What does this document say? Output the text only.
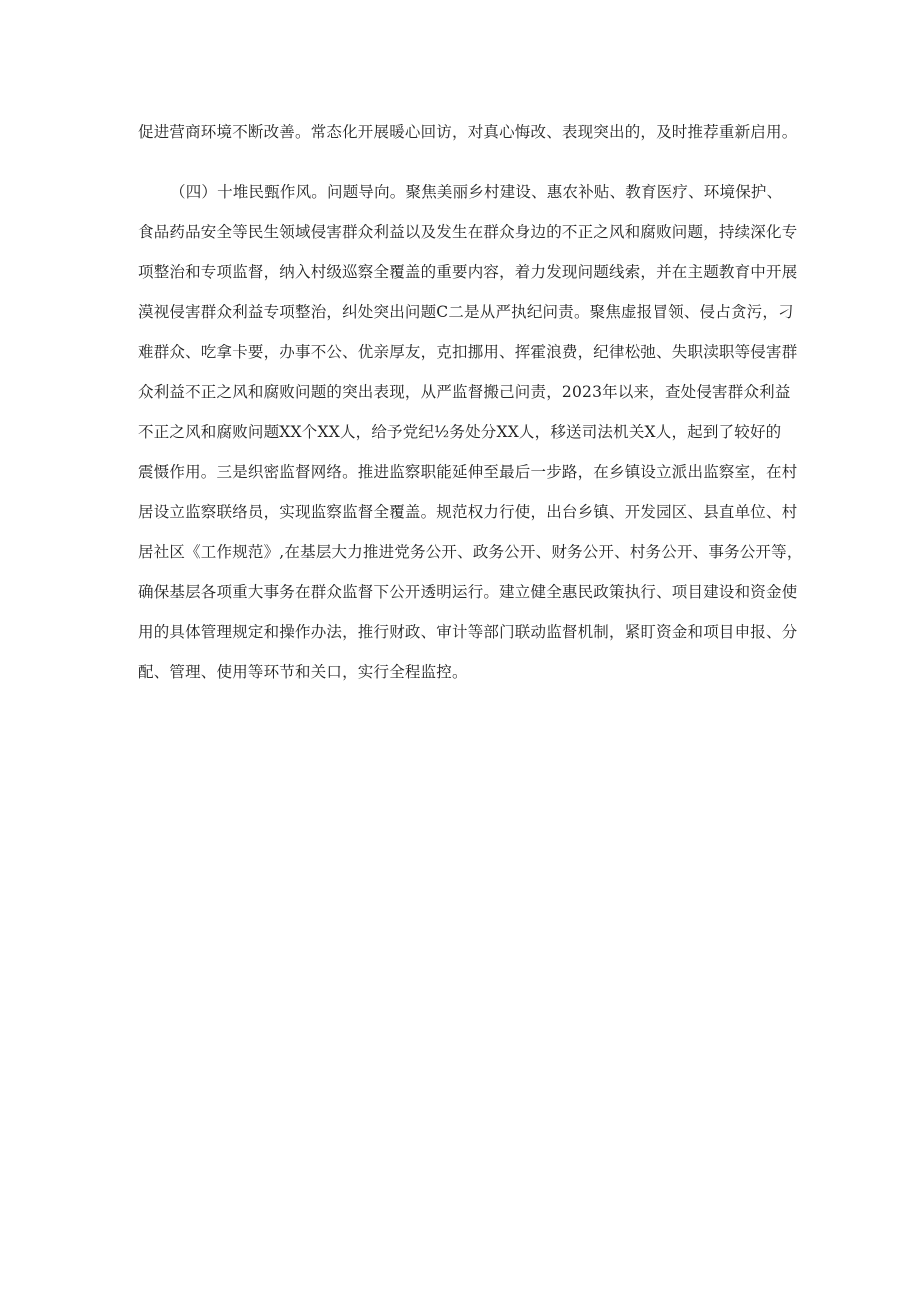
促进营商环境不断改善。常态化开展暖心回访，对真心悔改、表现突出的，及时推荐重新启用。
（四）十堆民甄作风。问题导向。聚焦美丽乡村建设、惠农补贴、教育医疗、环境保护、
食品药品安全等民生领域侵害群众利益以及发生在群众身边的不正之风和腐败问题，持续深化专
项整治和专项监督，纳入村级巡察全覆盖的重要内容，着力发现问题线索，并在主题教育中开展
漠视侵害群众利益专项整治，纠处突出问题C二是从严执纪问责。聚焦虚报冒领、侵占贪污，刁
难群众、吃拿卡要，办事不公、优亲厚友，克扣挪用、挥霍浪费，纪律松弛、失职渎职等侵害群
众利益不正之风和腐败问题的突出表现，从严监督搬己问责，2023年以来，查处侵害群众利益
不正之风和腐败问题XX个XX人，给予党纪½务处分XX人，移送司法机关X人，起到了较好的
震慑作用。三是织密监督网络。推进监察职能延伸至最后一步路，在乡镇设立派出监察室，在村
居设立监察联络员，实现监察监督全覆盖。规范权力行使，出台乡镇、开发园区、县直单位、村
居社区《工作规范》,在基层大力推进党务公开、政务公开、财务公开、村务公开、事务公开等，
确保基层各项重大事务在群众监督下公开透明运行。建立健全惠民政策执行、项目建设和资金使
用的具体管理规定和操作办法，推行财政、审计等部门联动监督机制，紧盯资金和项目申报、分
配、管理、使用等环节和关口，实行全程监控。
